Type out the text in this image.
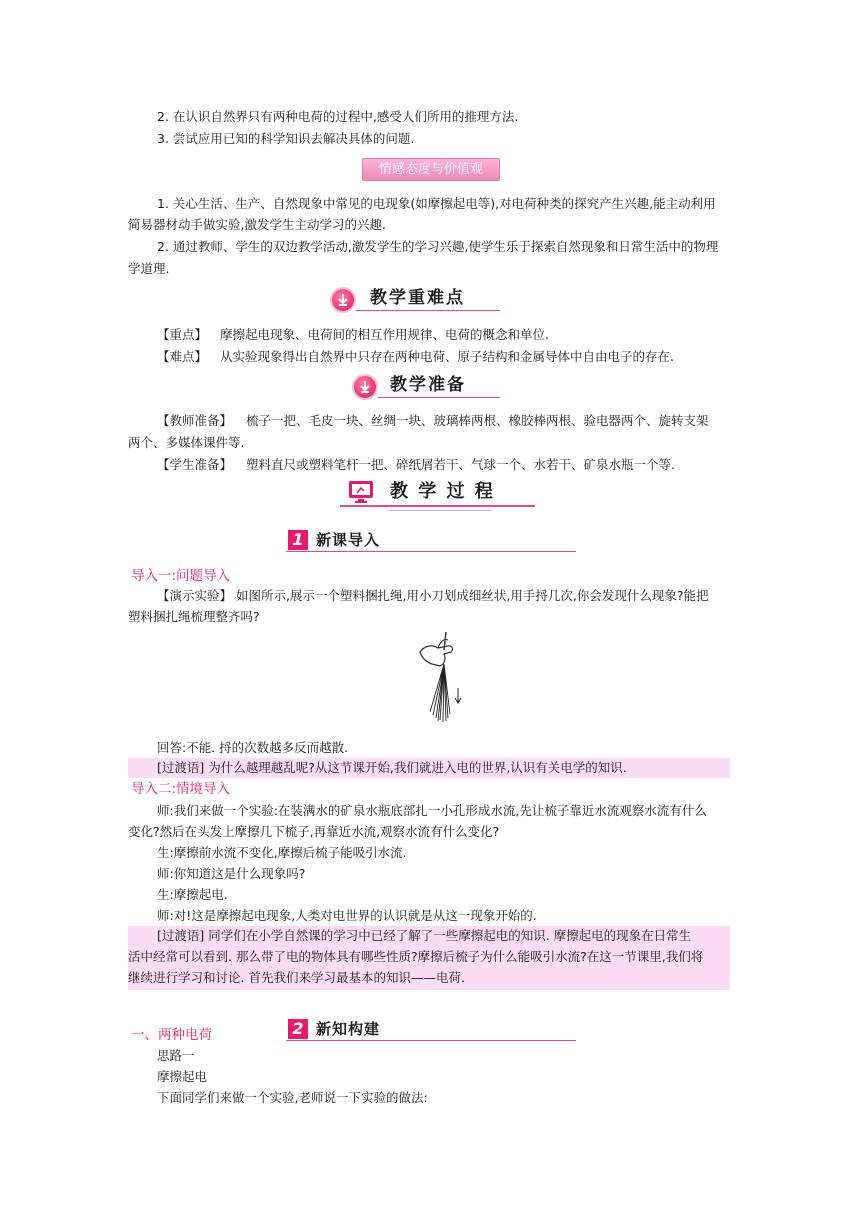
2. 在认识自然界只有两种电荷的过程中,感受人们所用的推理方法.
3. 尝试应用已知的科学知识去解决具体的问题.
情感态度与价值观
1. 关心生活、生产、自然现象中常见的电现象(如摩擦起电等),对电荷种类的探究产生兴趣,能主动利用
简易器材动手做实验,激发学生主动学习的兴趣.
2. 通过教师、学生的双边教学活动,激发学生的学习兴趣,使学生乐于探索自然现象和日常生活中的物理
学道理.
教学重难点
【重点】 摩擦起电现象、电荷间的相互作用规律、电荷的概念和单位.
【难点】 从实验现象得出自然界中只存在两种电荷、原子结构和金属导体中自由电子的存在.
教学准备
【教师准备】 梳子一把、毛皮一块、丝绸一块、玻璃棒两根、橡胶棒两根、验电器两个、旋转支架
两个、多媒体课件等.
【学生准备】 塑料直尺或塑料笔杆一把、碎纸屑若干、气球一个、水若干、矿泉水瓶一个等.
教 学 过 程
1 新课导入
导入一:问题导入
【演示实验】 如图所示,展示一个塑料捆扎绳,用小刀划成细丝状,用手捋几次,你会发现什么现象?能把
塑料捆扎绳梳理整齐吗?
回答:不能. 捋的次数越多反而越散.
[过渡语] 为什么越理越乱呢?从这节课开始,我们就进入电的世界,认识有关电学的知识.
导入二:情境导入
师:我们来做一个实验:在装满水的矿泉水瓶底部扎一小孔形成水流,先让梳子靠近水流观察水流有什么
变化?然后在头发上摩擦几下梳子,再靠近水流,观察水流有什么变化?
生:摩擦前水流不变化,摩擦后梳子能吸引水流.
师:你知道这是什么现象吗?
生:摩擦起电.
师:对!这是摩擦起电现象,人类对电世界的认识就是从这一现象开始的.
[过渡语] 同学们在小学自然课的学习中已经了解了一些摩擦起电的知识. 摩擦起电的现象在日常生
活中经常可以看到. 那么带了电的物体具有哪些性质?摩擦后梳子为什么能吸引水流?在这一节课里,我们将
继续进行学习和讨论. 首先我们来学习最基本的知识——电荷.
2 新知构建
一、两种电荷
思路一
摩擦起电
下面同学们来做一个实验,老师说一下实验的做法:
